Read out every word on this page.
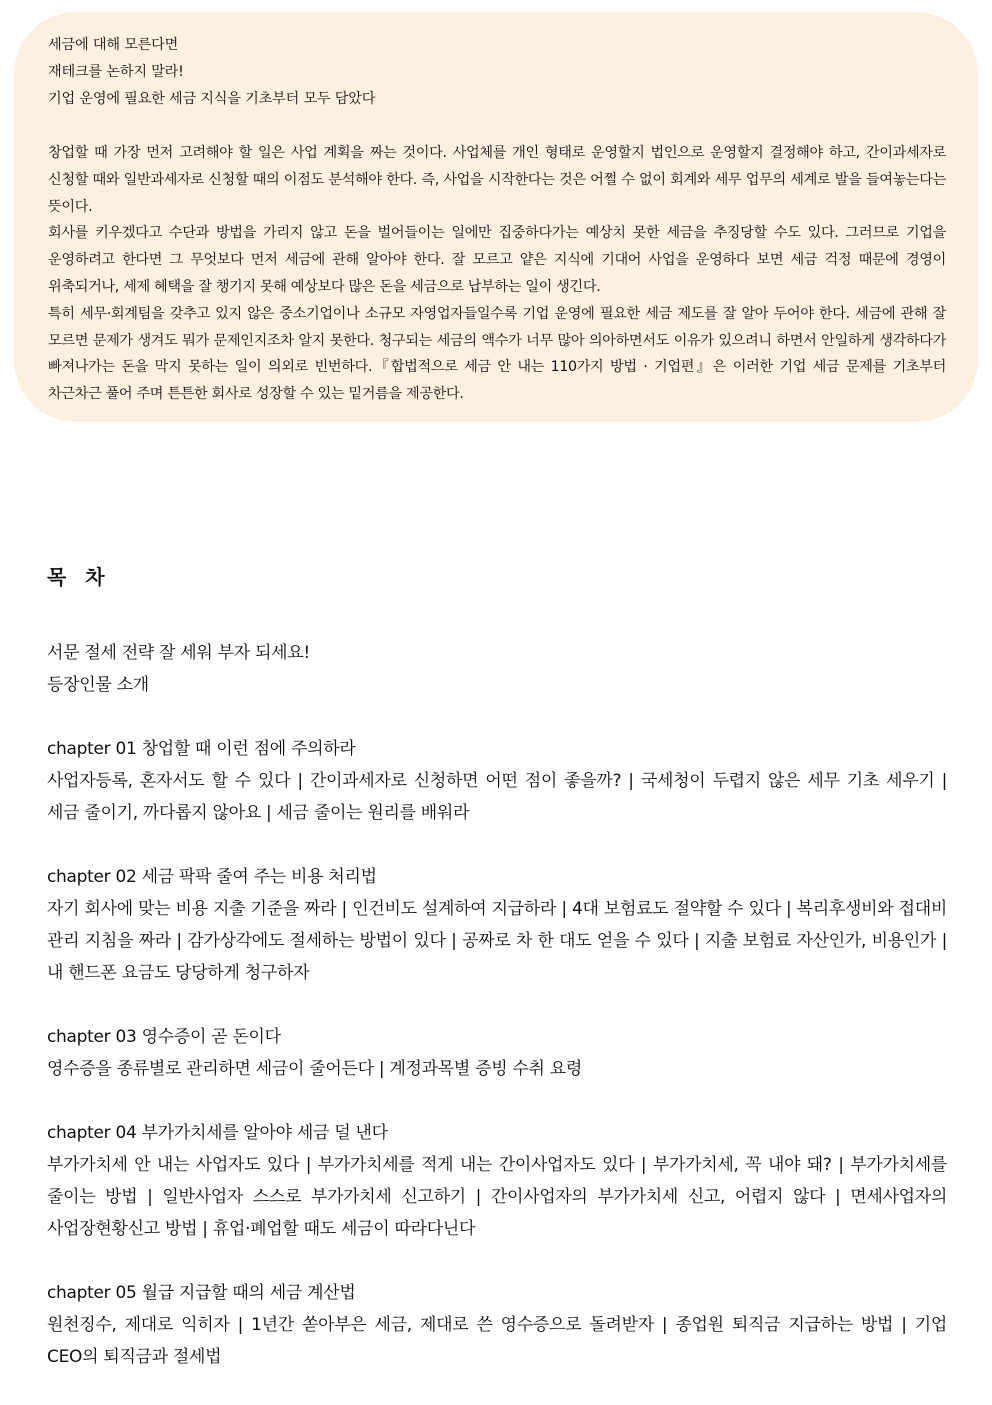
세금에 대해 모른다면
재테크를 논하지 말라!
기업 운영에 필요한 세금 지식을 기초부터 모두 담았다

창업할 때 가장 먼저 고려해야 할 일은 사업 계획을 짜는 것이다. 사업체를 개인 형태로 운영할지 법인으로 운영할지 결정해야 하고, 간이과세자로 신청할 때와 일반과세자로 신청할 때의 이점도 분석해야 한다. 즉, 사업을 시작한다는 것은 어쩔 수 없이 회계와 세무 업무의 세계로 발을 들여놓는다는 뜻이다.

회사를 키우겠다고 수단과 방법을 가리지 않고 돈을 벌어들이는 일에만 집중하다가는 예상치 못한 세금을 추징당할 수도 있다. 그러므로 기업을 운영하려고 한다면 그 무엇보다 먼저 세금에 관해 알아야 한다. 잘 모르고 얕은 지식에 기대어 사업을 운영하다 보면 세금 걱정 때문에 경영이 위축되거나, 세제 혜택을 잘 챙기지 못해 예상보다 많은 돈을 세금으로 납부하는 일이 생긴다.

특히 세무·회계팀을 갖추고 있지 않은 중소기업이나 소규모 자영업자들일수록 기업 운영에 필요한 세금 제도를 잘 알아 두어야 한다. 세금에 관해 잘 모르면 문제가 생겨도 뭐가 문제인지조차 알지 못한다. 청구되는 세금의 액수가 너무 많아 의아하면서도 이유가 있으려니 하면서 안일하게 생각하다가 빠져나가는 돈을 막지 못하는 일이 의외로 빈번하다.『합법적으로 세금 안 내는 110가지 방법 · 기업편』은 이러한 기업 세금 문제를 기초부터 차근차근 풀어 주며 튼튼한 회사로 성장할 수 있는 밑거름을 제공한다.

목 차
서문 절세 전략 잘 세워 부자 되세요!
등장인물 소개
chapter 01 창업할 때 이런 점에 주의하라

사업자등록, 혼자서도 할 수 있다 | 간이과세자로 신청하면 어떤 점이 좋을까? | 국세청이 두렵지 않은 세무 기초 세우기 | 세금 줄이기, 까다롭지 않아요 | 세금 줄이는 원리를 배워라

chapter 02 세금 팍팍 줄여 주는 비용 처리법

자기 회사에 맞는 비용 지출 기준을 짜라 | 인건비도 설계하여 지급하라 | 4대 보험료도 절약할 수 있다 | 복리후생비와 접대비 관리 지침을 짜라 | 감가상각에도 절세하는 방법이 있다 | 공짜로 차 한 대도 얻을 수 있다 | 지출 보험료 자산인가, 비용인가 | 내 핸드폰 요금도 당당하게 청구하자

chapter 03 영수증이 곧 돈이다

영수증을 종류별로 관리하면 세금이 줄어든다 | 계정과목별 증빙 수취 요령

chapter 04 부가가치세를 알아야 세금 덜 낸다

부가가치세 안 내는 사업자도 있다 | 부가가치세를 적게 내는 간이사업자도 있다 | 부가가치세, 꼭 내야 돼? | 부가가치세를 줄이는 방법 | 일반사업자 스스로 부가가치세 신고하기 | 간이사업자의 부가가치세 신고, 어렵지 않다 | 면세사업자의 사업장현황신고 방법 | 휴업·폐업할 때도 세금이 따라다닌다

chapter 05 월급 지급할 때의 세금 계산법

원천징수, 제대로 익히자 | 1년간 쏟아부은 세금, 제대로 쓴 영수증으로 돌려받자 | 종업원 퇴직금 지급하는 방법 | 기업 CEO의 퇴직금과 절세법
